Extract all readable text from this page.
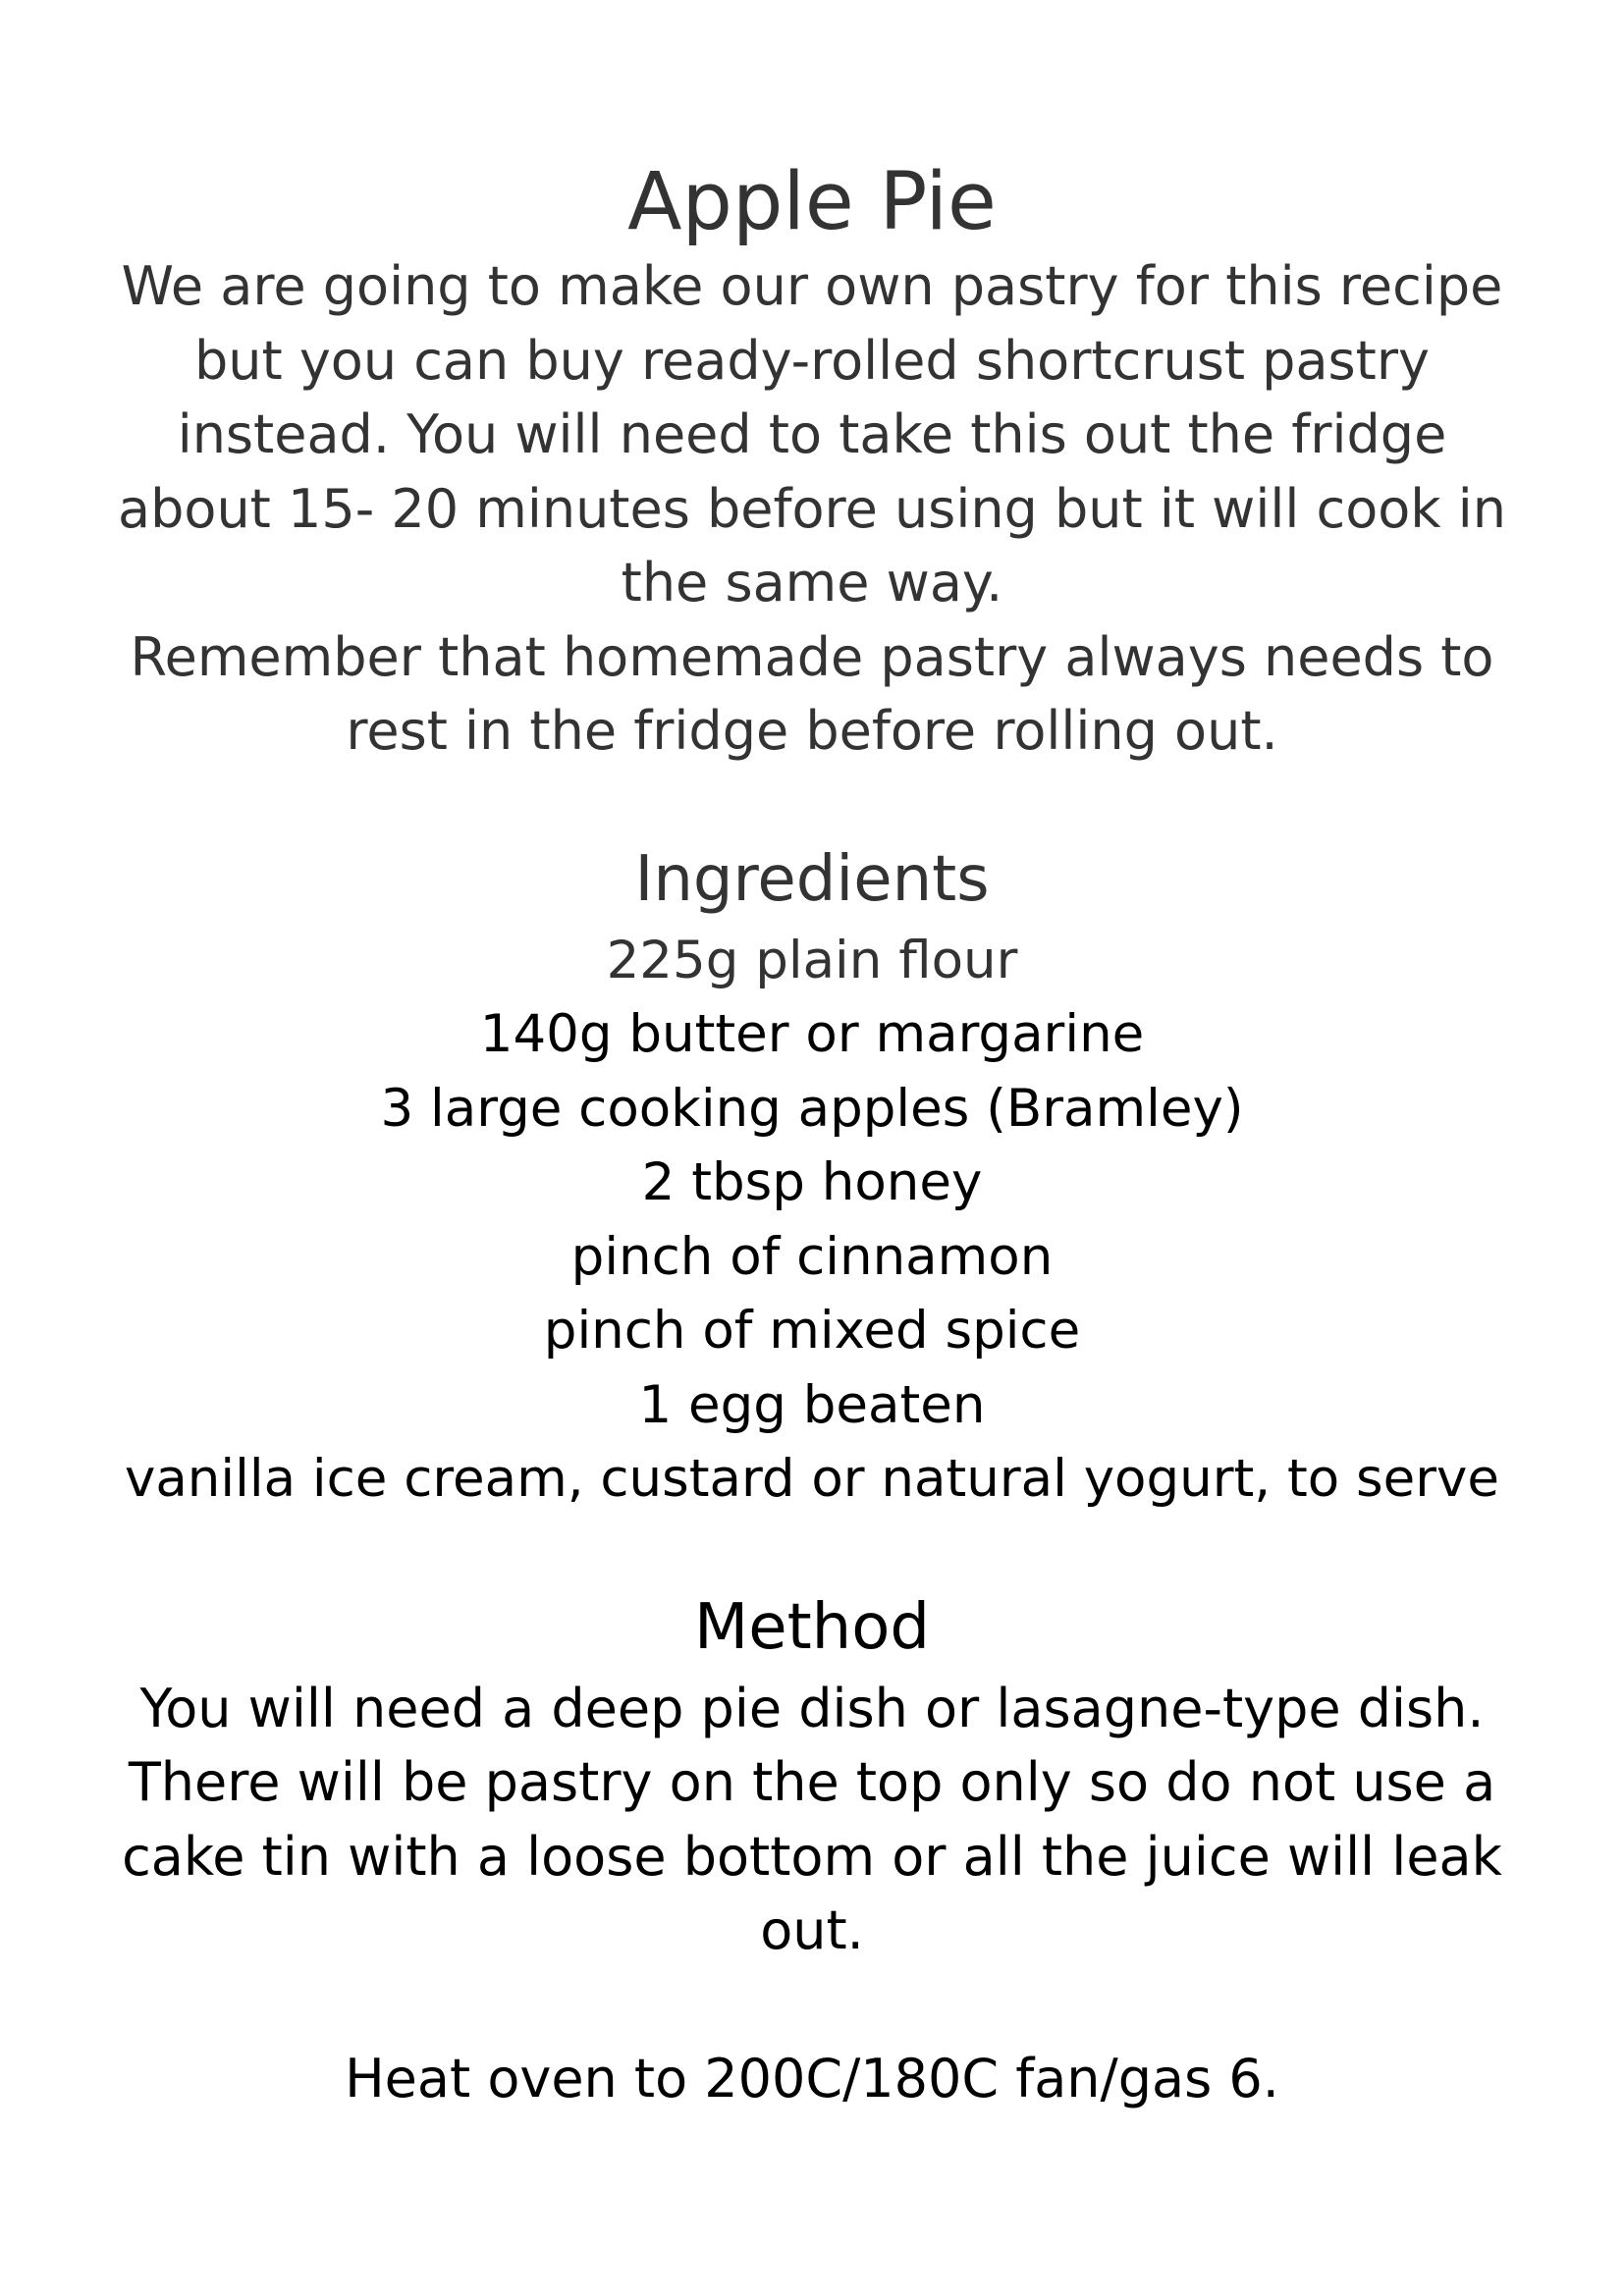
Apple Pie

We are going to make our own pastry for this recipe but you can buy ready-rolled shortcrust pastry instead. You will need to take this out the fridge about 15- 20 minutes before using but it will cook in the same way.

Remember that homemade pastry always needs to rest in the fridge before rolling out.

Ingredients
225g plain flour
140g butter or margarine
3 large cooking apples (Bramley)
2 tbsp honey
pinch of cinnamon
pinch of mixed spice
1 egg beaten
vanilla ice cream, custard or natural yogurt, to serve
Method

You will need a deep pie dish or lasagne-type dish. There will be pastry on the top only so do not use a cake tin with a loose bottom or all the juice will leak out.

Heat oven to 200C/180C fan/gas 6.
